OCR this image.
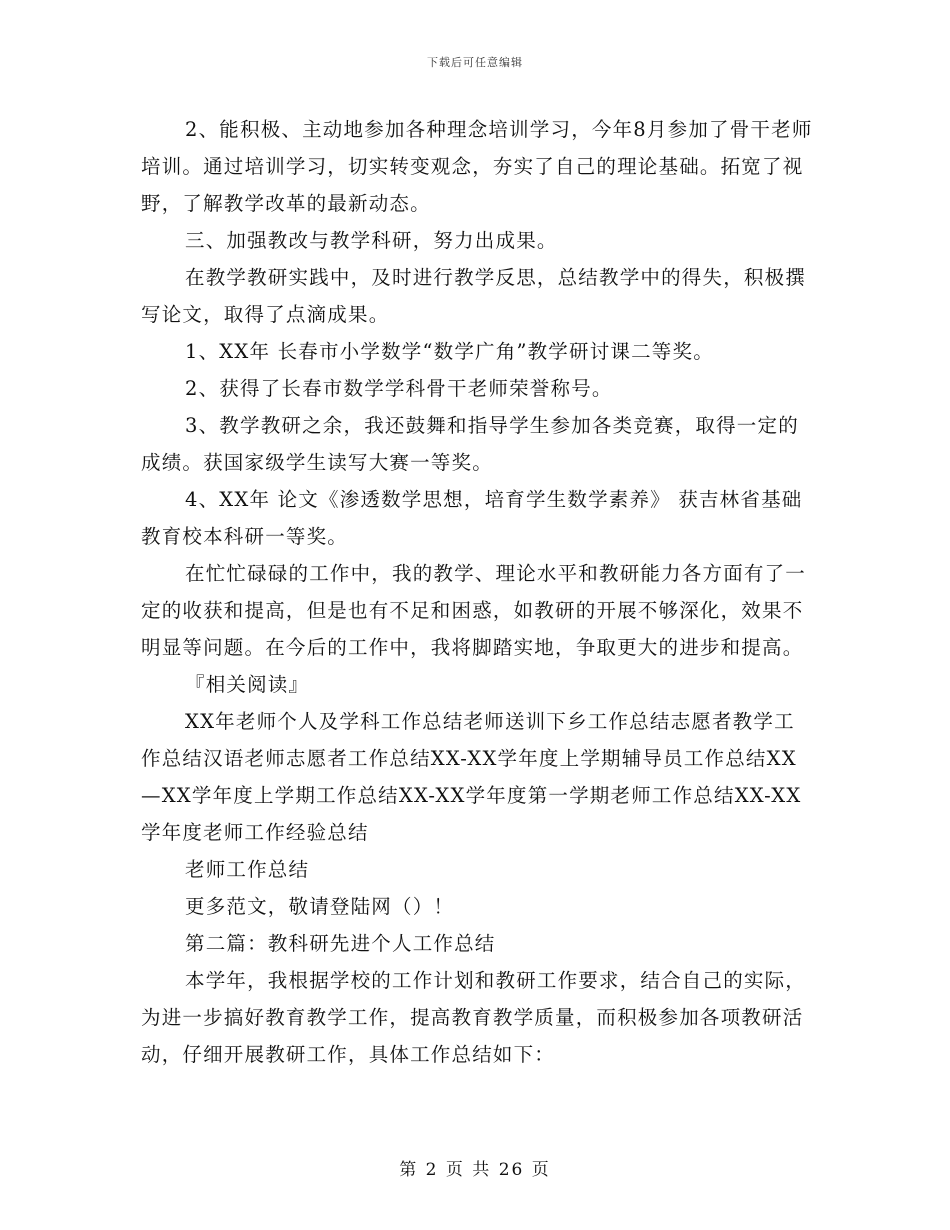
下载后可任意编辑

2、能积极、主动地参加各种理念培训学习，今年8月参加了骨干老师培训。通过培训学习，切实转变观念，夯实了自己的理论基础。拓宽了视野，了解教学改革的最新动态。

三、加强教改与教学科研，努力出成果。

在教学教研实践中，及时进行教学反思，总结教学中的得失，积极撰写论文，取得了点滴成果。

1、XX年 长春市小学数学“数学广角”教学研讨课二等奖。

2、获得了长春市数学学科骨干老师荣誉称号。

3、教学教研之余，我还鼓舞和指导学生参加各类竞赛，取得一定的成绩。获国家级学生读写大赛一等奖。

4、XX年 论文《渗透数学思想，培育学生数学素养》 获吉林省基础教育校本科研一等奖。

在忙忙碌碌的工作中，我的教学、理论水平和教研能力各方面有了一定的收获和提高，但是也有不足和困惑，如教研的开展不够深化，效果不明显等问题。在今后的工作中，我将脚踏实地，争取更大的进步和提高。

『相关阅读』

XX年老师个人及学科工作总结老师送训下乡工作总结志愿者教学工作总结汉语老师志愿者工作总结XX-XX学年度上学期辅导员工作总结XX—XX学年度上学期工作总结XX-XX学年度第一学期老师工作总结XX-XX学年度老师工作经验总结

老师工作总结

更多范文，敬请登陆网（）！

第二篇：教科研先进个人工作总结

本学年，我根据学校的工作计划和教研工作要求，结合自己的实际，为进一步搞好教育教学工作，提高教育教学质量，而积极参加各项教研活动，仔细开展教研工作，具体工作总结如下：

第 2 页 共 26 页
